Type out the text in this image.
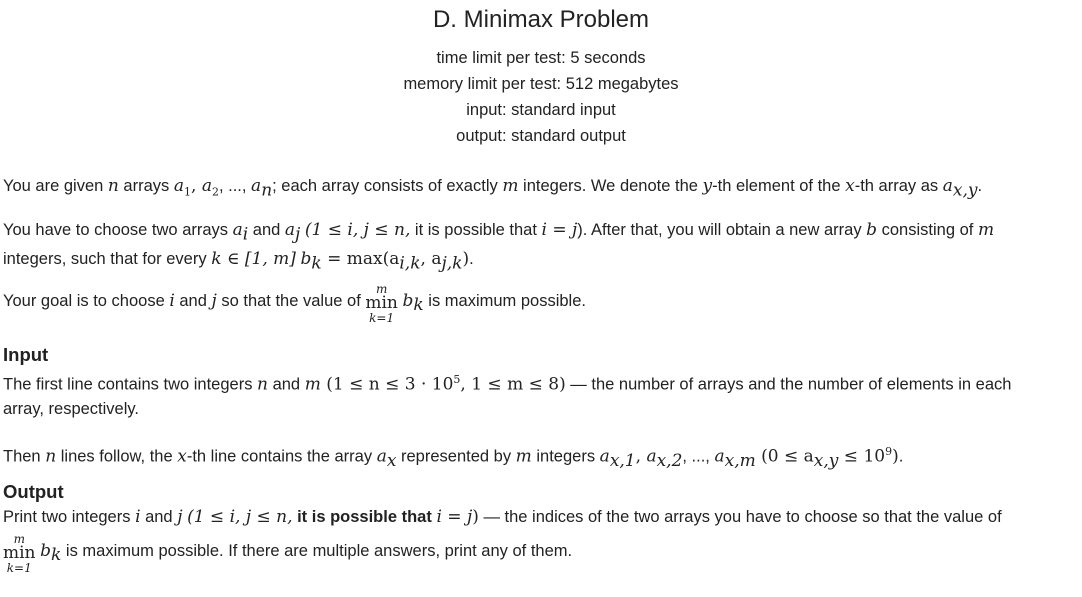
D. Minimax Problem
time limit per test: 5 seconds
memory limit per test: 512 megabytes
input: standard input
output: standard output

You are given n arrays $a_1$, $a_2$, ..., $a_n$; each array consists of exactly m integers. We denote the y-th element of the x-th array as $a_{x,y}$.

You have to choose two arrays $a_i$ and $a_j$ (1 ≤ i, j ≤ n, it is possible that i = j). After that, you will obtain a new array b consisting of m
integers, such that for every k ∈ [1, m] $b_k = \max(a_{i,k}$, $a_{j,k}$).

Your goal is to choose i and j so that the value of
m
min
k=1
$b_k$ is maximum possible.

Input
The first line contains two integers n and m ($1 \le n \le 3 \cdot 10^5$, 1 ≤ m ≤ 8) — the number of arrays and the number of elements in each
array, respectively.
Then n lines follow, the x-th line contains the array $a_x$ represented by m integers $a_{x,1}$, $a_{x,2}$, ..., $a_{x,m}$ $(0 \le a_{x,y} \le 10^9)$.
Output
Print two integers i and j (1 ≤ i, j ≤ n, it is possible that i = j) — the indices of the two arrays you have to choose so that the value of
m
min
k=1
$b_k$ is maximum possible. If there are multiple answers, print any of them.
